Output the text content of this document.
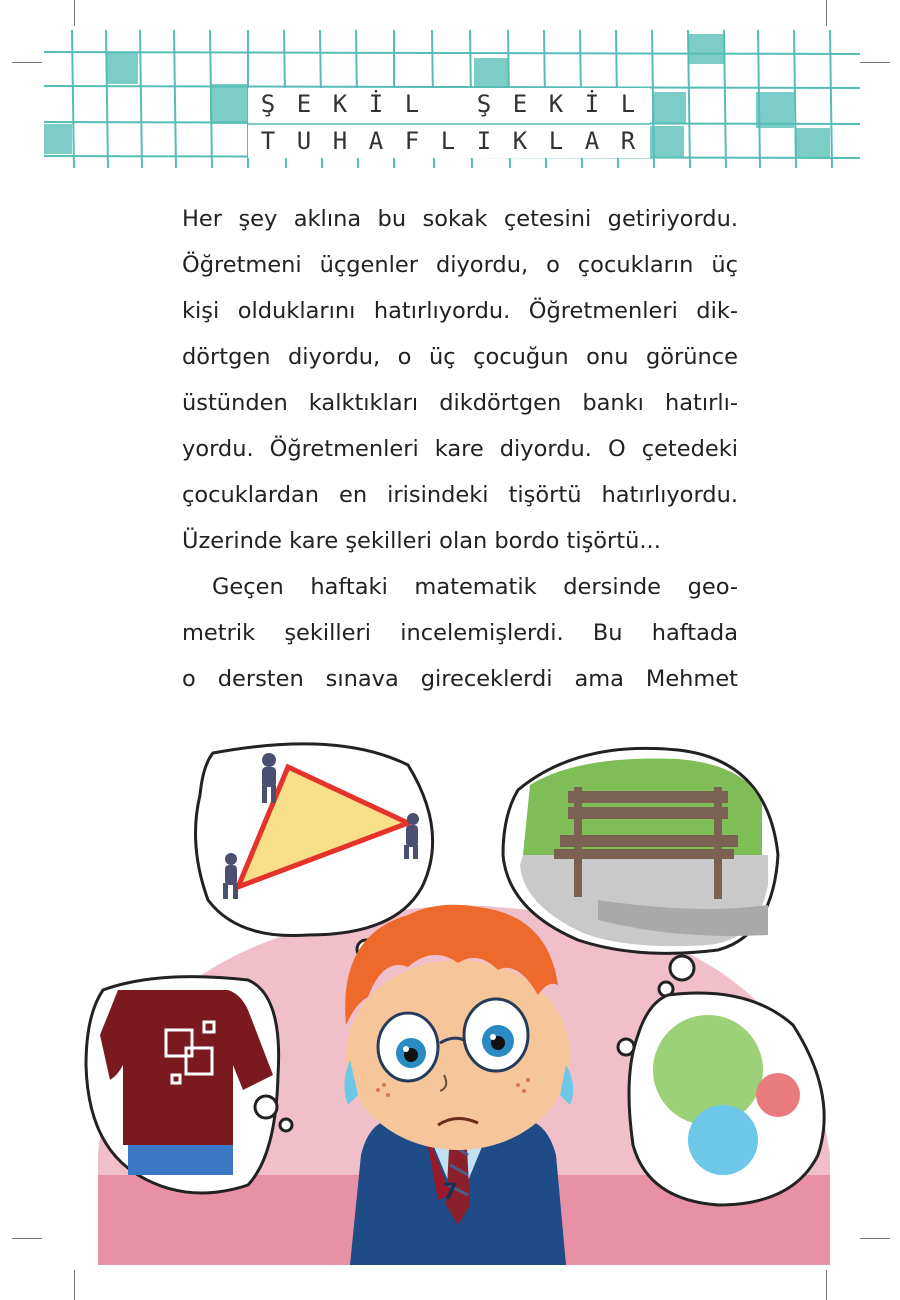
Ş E K İ L	Ş E K İ L
T U H A F L I K L A R

Her şey aklına bu sokak çetesini getiriyordu.

Öğretmeni üçgenler diyordu, o çocukların üç

kişi olduklarını hatırlıyordu. Öğretmenleri dik-

dörtgen diyordu, o üç çocuğun onu görünce

üstünden kalktıkları dikdörtgen bankı hatırlı-

yordu. Öğretmenleri kare diyordu. O çetedeki

çocuklardan en irisindeki tişörtü hatırlıyordu.

Üzerinde kare şekilleri olan bordo tişörtü...

Geçen haftaki matematik dersinde geo-

metrik şekilleri incelemişlerdi. Bu haftada

o dersten sınava gireceklerdi ama Mehmet

7
